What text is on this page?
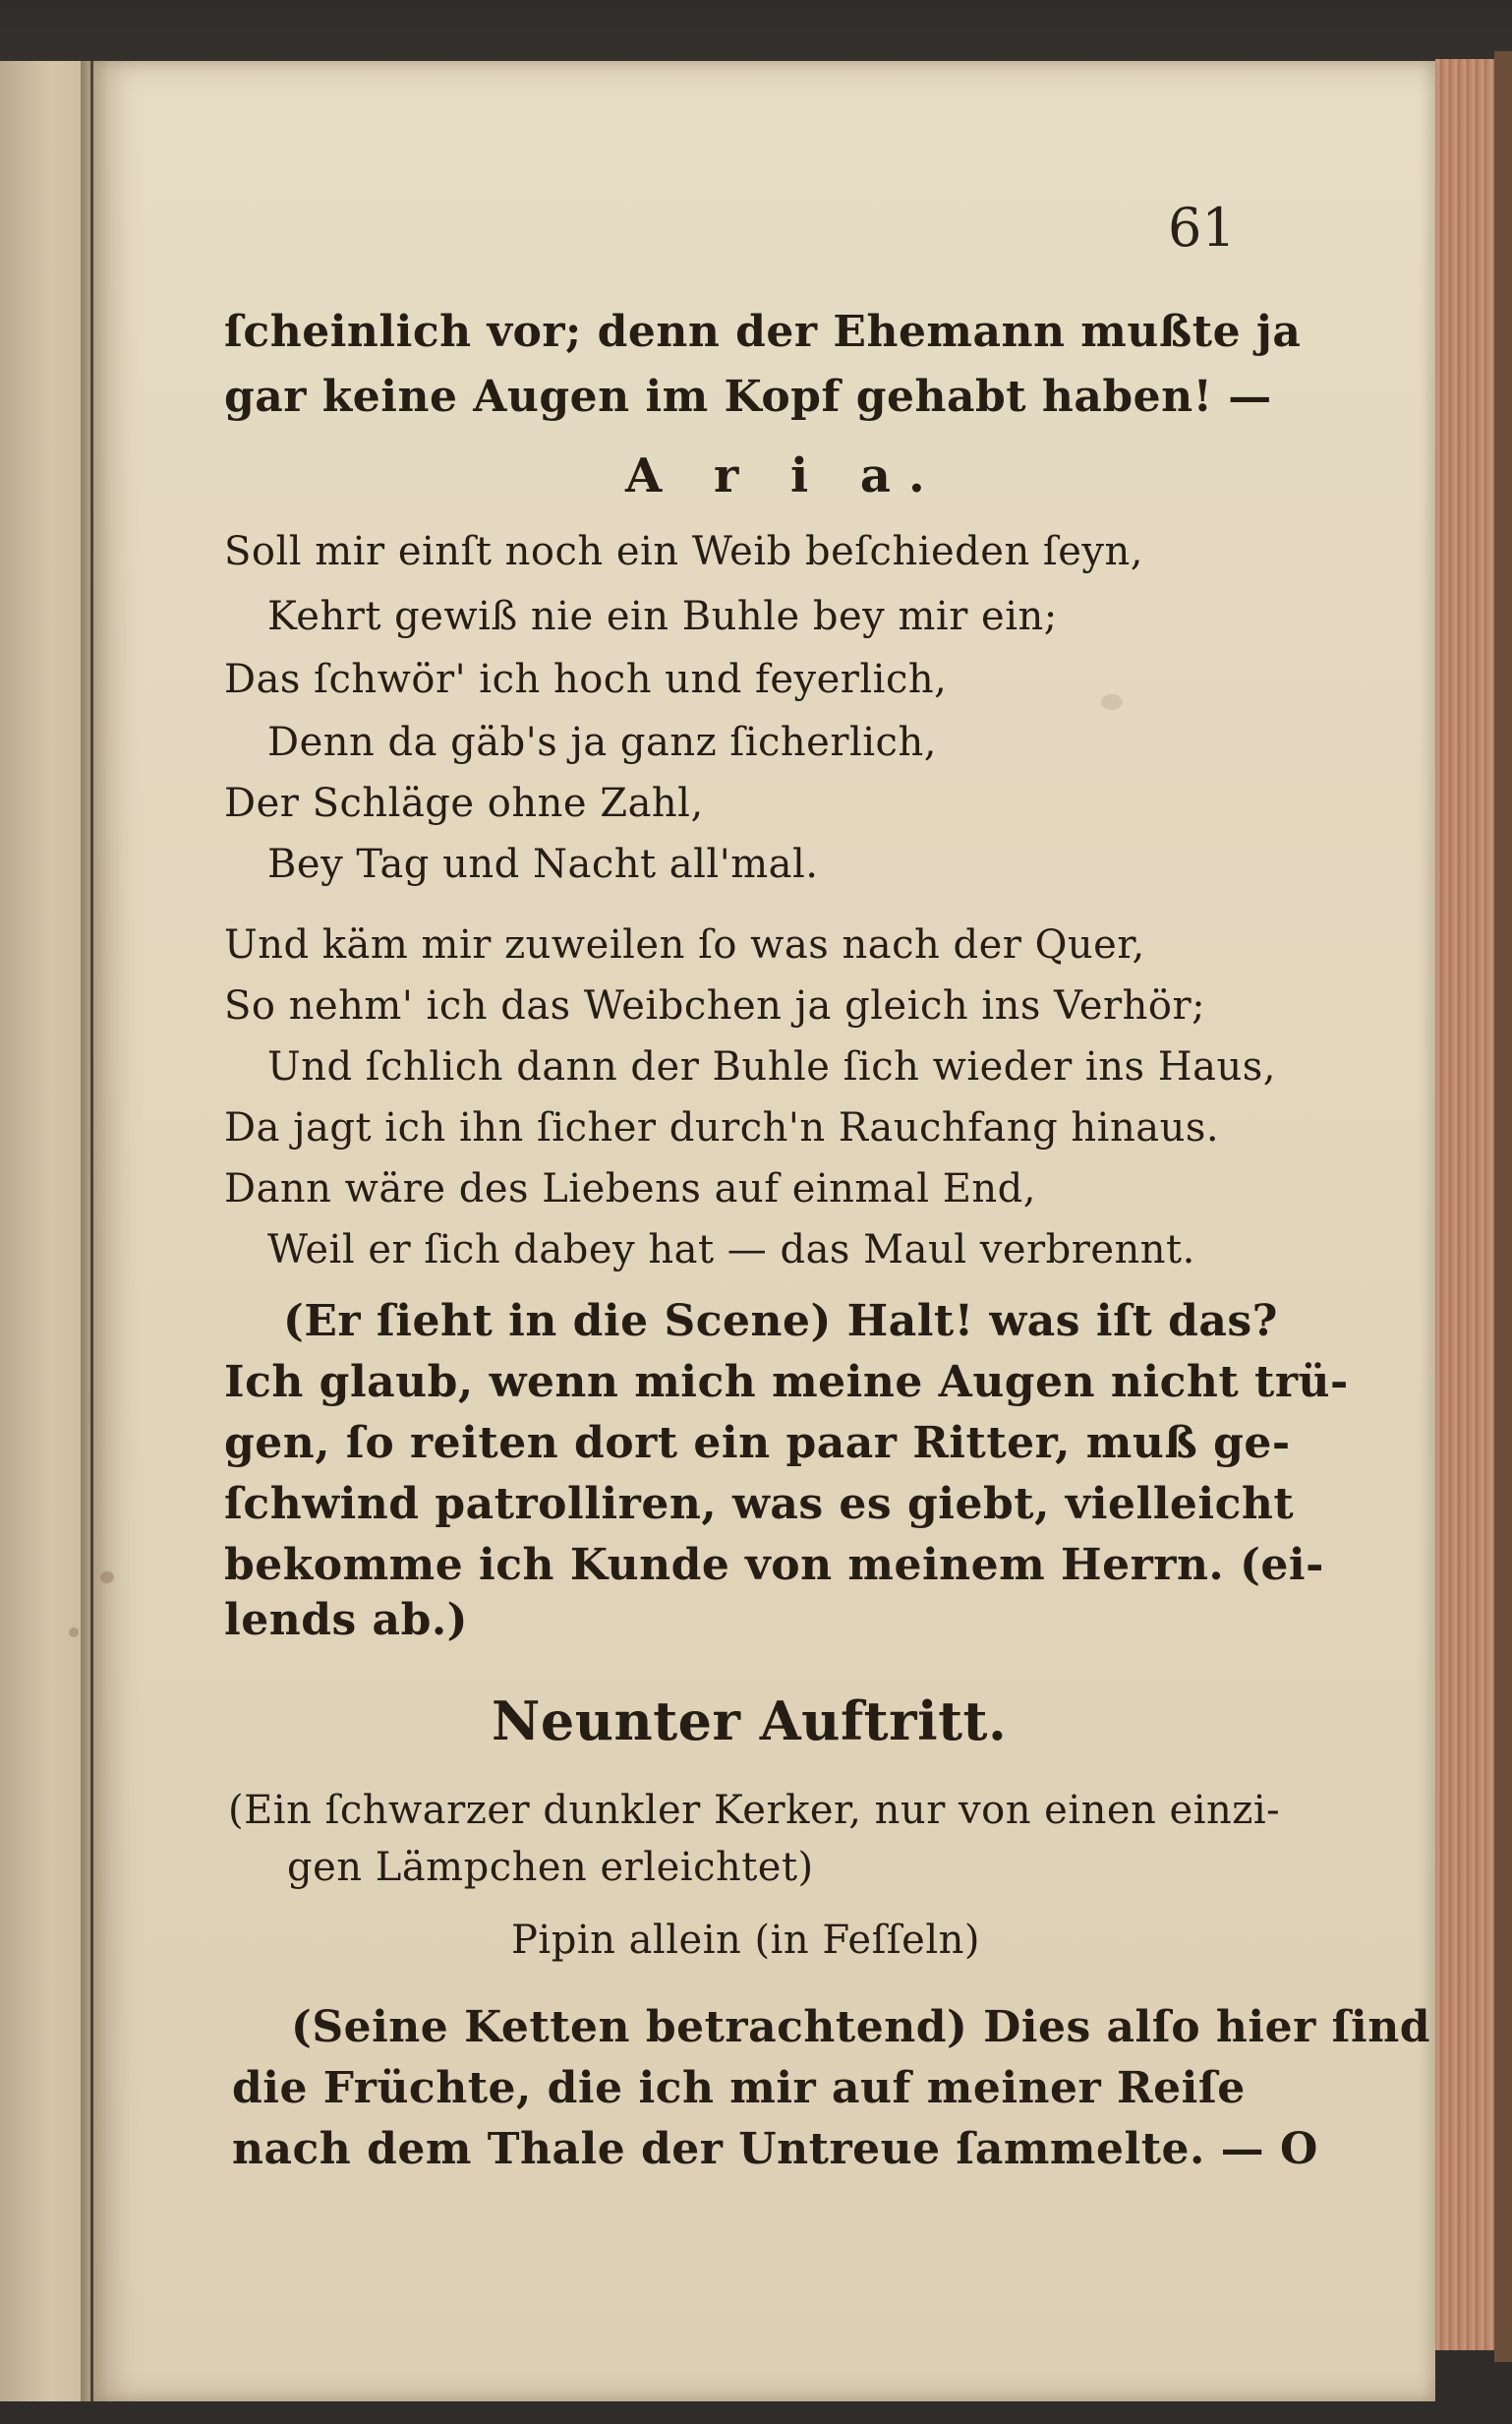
61
ſcheinlich vor; denn der Ehemann mußte ja
gar keine Augen im Kopf gehabt haben! —
A r i a.
Soll mir einſt noch ein Weib beſchieden ſeyn,
Kehrt gewiß nie ein Buhle bey mir ein;
Das ſchwör' ich hoch und feyerlich,
Denn da gäb's ja ganz ſicherlich,
Der Schläge ohne Zahl,
Bey Tag und Nacht all'mal.
Und käm mir zuweilen ſo was nach der Quer,
So nehm' ich das Weibchen ja gleich ins Verhör;
Und ſchlich dann der Buhle ſich wieder ins Haus,
Da jagt ich ihn ſicher durch'n Rauchfang hinaus.
Dann wäre des Liebens auf einmal End,
Weil er ſich dabey hat — das Maul verbrennt.
(Er ſieht in die Scene) Halt! was iſt das?
Ich glaub, wenn mich meine Augen nicht trü-
gen, ſo reiten dort ein paar Ritter, muß ge-
ſchwind patrolliren, was es giebt, vielleicht
bekomme ich Kunde von meinem Herrn. (ei-
lends ab.)
Neunter Auftritt.
(Ein ſchwarzer dunkler Kerker, nur von einen einzi-
gen Lämpchen erleichtet)
Pipin allein (in Feſſeln)
(Seine Ketten betrachtend) Dies alſo hier ſind
die Früchte, die ich mir auf meiner Reiſe
nach dem Thale der Untreue ſammelte. — O
